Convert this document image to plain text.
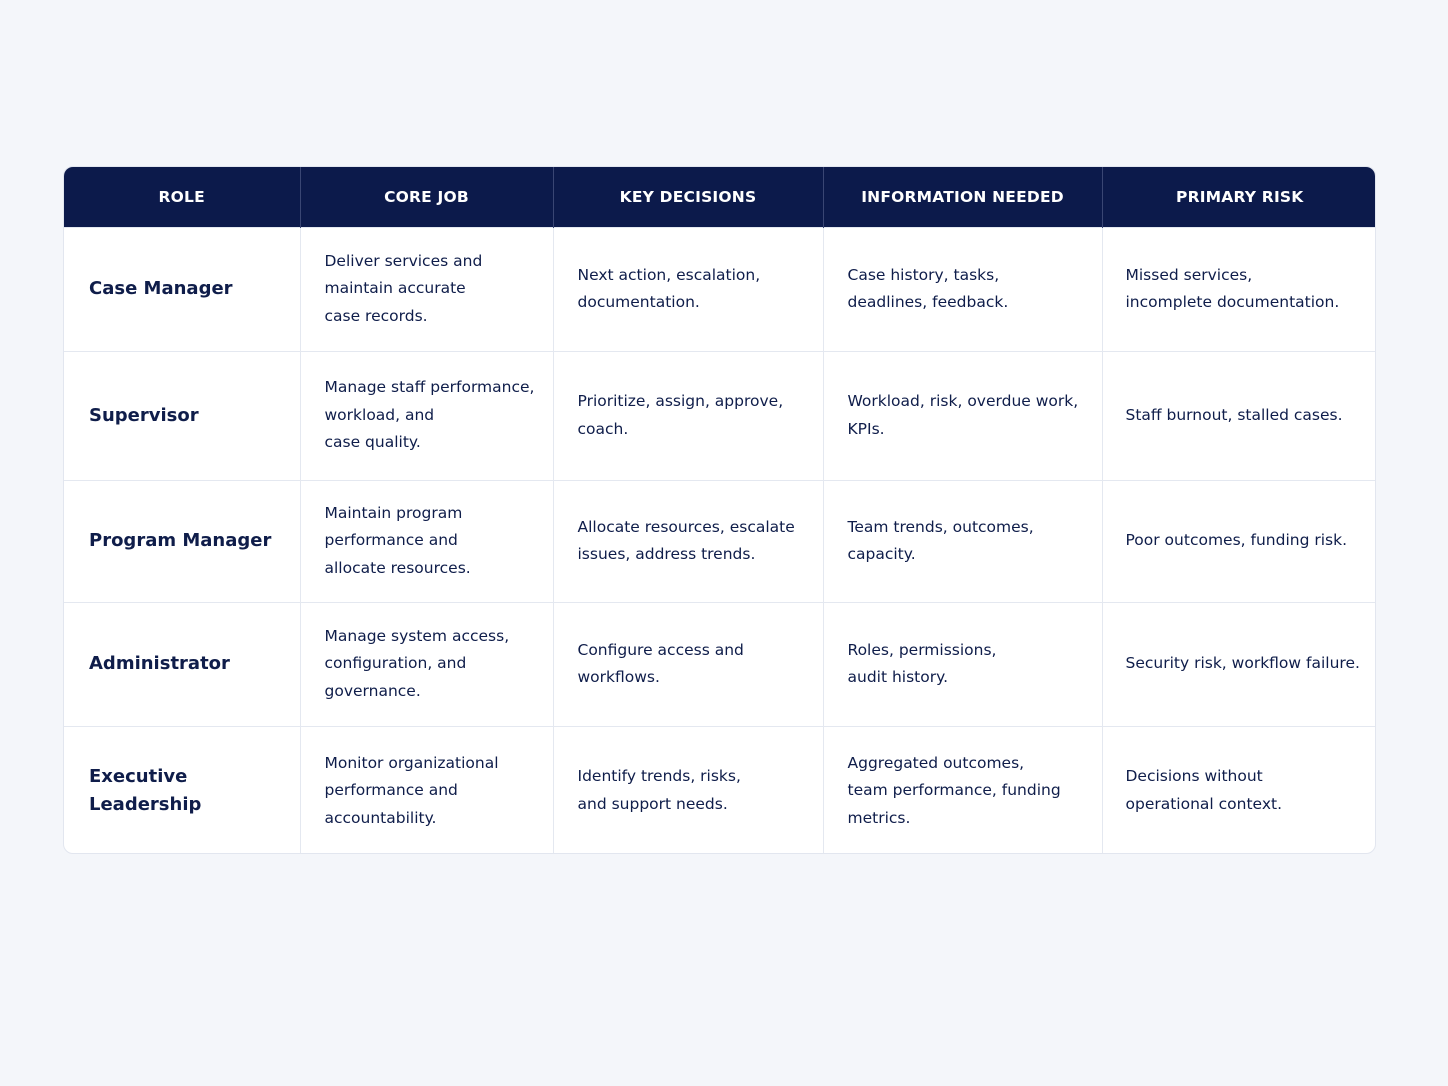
ROLE	CORE JOB	KEY DECISIONS	INFORMATION NEEDED	PRIMARY RISK
Case Manager	Deliver services and
maintain accurate
case records.	Next action, escalation,
documentation.	Case history, tasks,
deadlines, feedback.	Missed services,
incomplete documentation.
Supervisor	Manage staff performance,
workload, and
case quality.	Prioritize, assign, approve,
coach.	Workload, risk, overdue work,
KPIs.	Staff burnout, stalled cases.
Program Manager	Maintain program
performance and
allocate resources.	Allocate resources, escalate
issues, address trends.	Team trends, outcomes,
capacity.	Poor outcomes, funding risk.
Administrator	Manage system access,
configuration, and
governance.	Configure access and
workflows.	Roles, permissions,
audit history.	Security risk, workflow failure.
Executive Leadership	Monitor organizational
performance and
accountability.	Identify trends, risks,
and support needs.	Aggregated outcomes,
team performance, funding
metrics.	Decisions without
operational context.
